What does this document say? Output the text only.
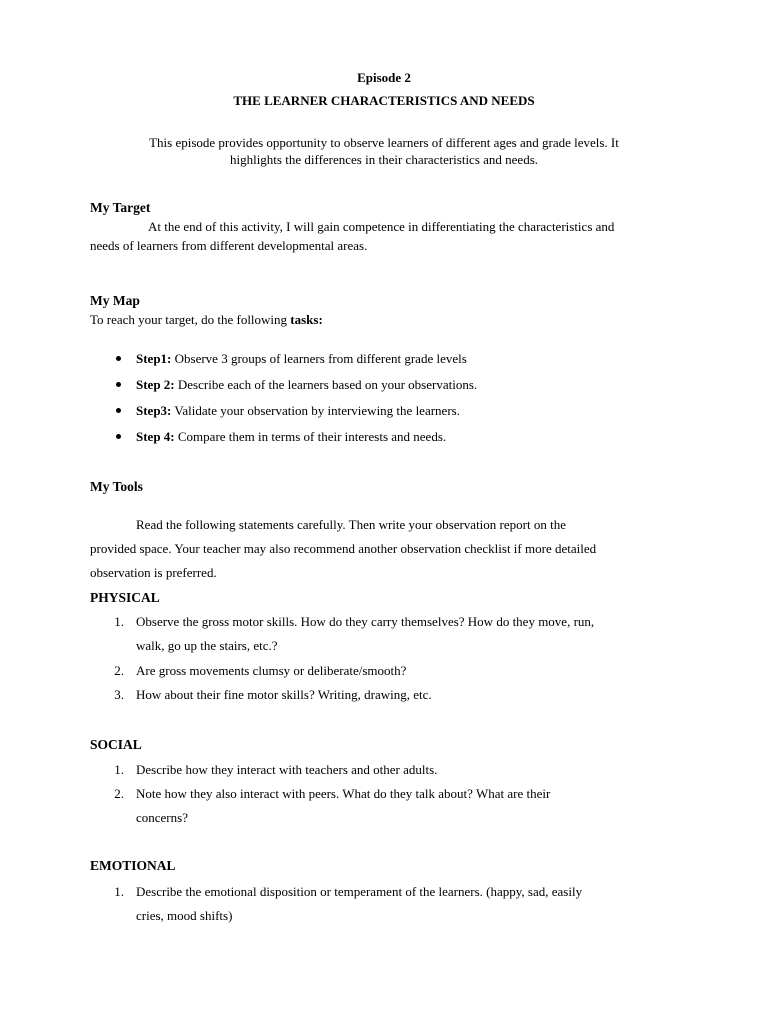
Episode 2
THE LEARNER CHARACTERISTICS AND NEEDS
This episode provides opportunity to observe learners of different ages and grade levels. It
highlights the differences in their characteristics and needs.
My Target
At the end of this activity, I will gain competence in differentiating the characteristics and
needs of learners from different developmental areas.
My Map
To reach your target, do the following tasks:
Step1: Observe 3 groups of learners from different grade levels
Step 2: Describe each of the learners based on your observations.
Step3: Validate your observation by interviewing the learners.
Step 4: Compare them in terms of their interests and needs.
My Tools
Read the following statements carefully. Then write your observation report on the
provided space. Your teacher may also recommend another observation checklist if more detailed
observation is preferred.
PHYSICAL
1. Observe the gross motor skills. How do they carry themselves? How do they move, run,
walk, go up the stairs, etc.?
2. Are gross movements clumsy or deliberate/smooth?
3. How about their fine motor skills? Writing, drawing, etc.
SOCIAL
1. Describe how they interact with teachers and other adults.
2. Note how they also interact with peers. What do they talk about? What are their
concerns?
EMOTIONAL
1. Describe the emotional disposition or temperament of the learners. (happy, sad, easily
cries, mood shifts)
